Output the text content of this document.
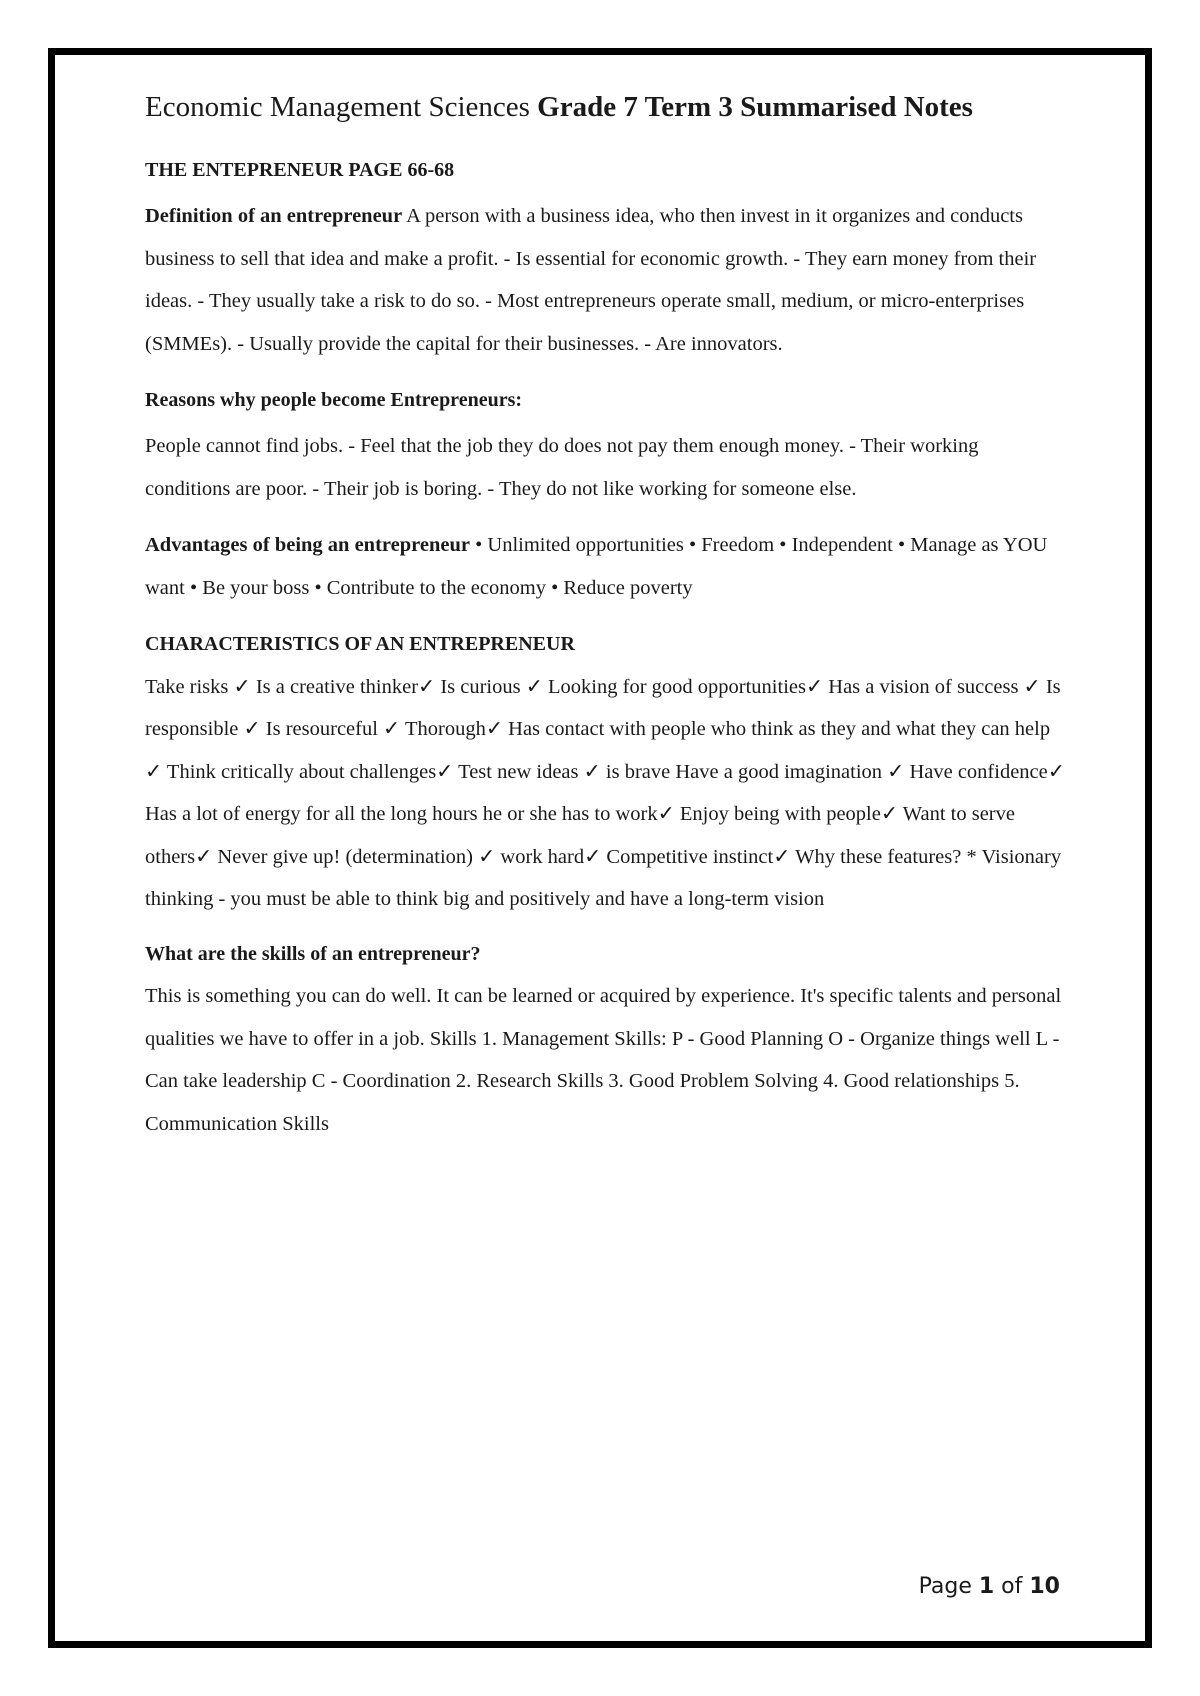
Economic Management Sciences Grade 7 Term 3 Summarised Notes
THE ENTEPRENEUR PAGE 66-68

Definition of an entrepreneur A person with a business idea, who then invest in it organizes and conducts business to sell that idea and make a profit. - Is essential for economic growth. - They earn money from their ideas. - They usually take a risk to do so. - Most entrepreneurs operate small, medium, or micro-enterprises (SMMEs). - Usually provide the capital for their businesses. - Are innovators.

Reasons why people become Entrepreneurs:

People cannot find jobs. - Feel that the job they do does not pay them enough money. - Their working conditions are poor. - Their job is boring. - They do not like working for someone else.

Advantages of being an entrepreneur • Unlimited opportunities • Freedom • Independent • Manage as YOU want • Be your boss • Contribute to the economy • Reduce poverty

CHARACTERISTICS OF AN ENTREPRENEUR
Take risks ✓ Is a creative thinker✓ Is curious ✓ Looking for good opportunities✓ Has a vision of success ✓ Is responsible ✓ Is resourceful ✓ Thorough✓ Has contact with people who think as they and what they can help ✓ Think critically about challenges✓ Test new ideas ✓ is brave Have a good imagination ✓ Have confidence✓ Has a lot of energy for all the long hours he or she has to work✓ Enjoy being with people✓ Want to serve others✓ Never give up! (determination) ✓ work hard✓ Competitive instinct✓ Why these features? * Visionary thinking - you must be able to think big and positively and have a long-term vision
What are the skills of an entrepreneur?
This is something you can do well. It can be learned or acquired by experience. It's specific talents and personal qualities we have to offer in a job. Skills 1. Management Skills: P - Good Planning O - Organize things well L - Can take leadership C - Coordination 2. Research Skills 3. Good Problem Solving 4. Good relationships 5. Communication Skills
Page 1 of 10
